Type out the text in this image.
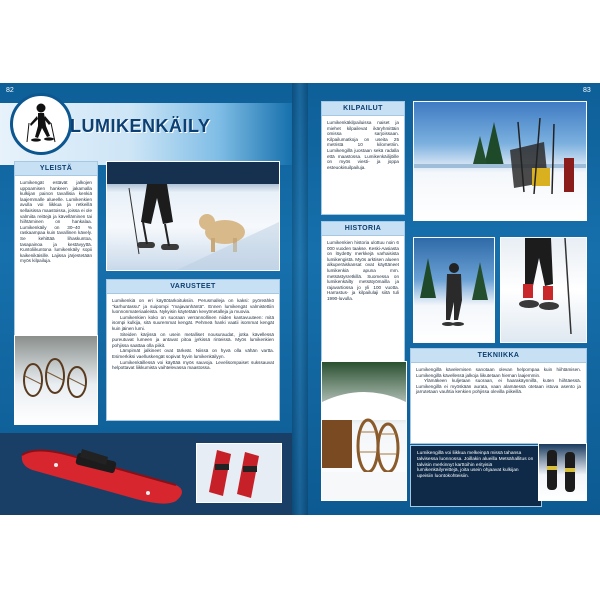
82	83
LUMIKENKÄILY
YLEISTÄ
Lumikengät estävät jalkojen uppoamisen hankeen jakamalla kulkijan painon tavallisia kenkiä laajemmalle alueelle. Lumikenkien avulla voi liikkua ja retkeillä sellaisissa maastoissa, joissa ei ole valmiita reittejä ja kävelläminen tai hiihtäminen on hankalaa. Lumikenkäily on 30–40 % raskaampaa kuin tavallinen kävely. Se kehittää lihaskuntoa, tasapainoa ja kestävyyttä. Kuntoliikuntona lumikenkäily sopii kaikenikäisille. Lajissa järjestetään myös kilpailuja.
VARUSTEET
Lumikenkiä on eri käyttötarkoituksiin. Perusmalleja on kaksi: pyöreähkö "karhuntassu" ja suipompi "majavanhäntä". Ennen lumikengät valmistettiin luonnonmateriaaleista. Nykyisin käytetään kevytmetalleja ja muovia.
Lumikenkien koko on suoraan verrannollinen niiden kantavuuteen: mitä isompi kulkija, sitä suuremmat kengät. Pehmeä hanki vaatii isommat kengät kuin jäinen lumi.
Siteiden kärjissä on usein metalliset nousuraudat, jotka kävellessä pureutuvat lumeen ja antavat pitoa jyrkissä rinteissä. Myös lumikenkien pohjissa saattaa olla piikit.
Lämpimät jalkineet ovat tärkeät. Niissä on hyvä olla vähän vartta. Esimerkiksi vaelluskengät sopivat hyvin lumikenkäilyyn.
Lumikenkäillessä voi käyttää myös sauvoja. Levelisompaiset sukssauvat helpottavat liikkumista vaihtelevassa maastossa.
KILPAILUT
Lumikenkäkilpailuissa naiset ja miehet kilpailevat ikäryhmittäin omissa sarjoissaan. Kilpailumatkoja on useita 25 metristä 10 kilometriin. Lumikengillä juostaan sekä radalla että maastossa. Lumikenkäilijöille on myös viesti- ja joppa esteuokisuilpailuja.
HISTORIA
Lumikenkien historia ulottuu noin 6 000 vuoden taakse. Keski-Aasiasta on löydetty merkkejä varhaisista lumikengistä. Myös arktisen alueen alkuperäiskansat ovat käyttäneet lumikenkiä apuna mm. metsästysretkillä. Suomessa on lumikenkäilty metsätyömailla ja rajavartiossa jo yli 100 vuotta. Harrastus- ja kilpailulaji siitä tuli 1990-luvulla.
TEKNIIKKA
Lumikengillä kävelemisen sanotaan olevan helpompaa kuin hiihtämisen. Lumikengillä kävellessä jalkoja liikutetaan hieman laajemmin.
Ylämäkeen kuljetaan suoraan, ei haarakäynnillä, kuten hiihtäessä. Lumikengillä ei myöskään aurata, vaan alamäessä otetaan istuva asento ja jarrutetaan vauhtia kenkien pohjissa olevilla piikeillä.
Lumikengillä voi liikkua melkeinpä missä tahansa talvisessa luonnossa. Joillakin alueilla Metsähallitus on talvisin merkinnyt karttoihin erityisiä lumikenkäilyreittejä, joita usein ohjaavat kulkijan upeisiin luontokohteisiin.
